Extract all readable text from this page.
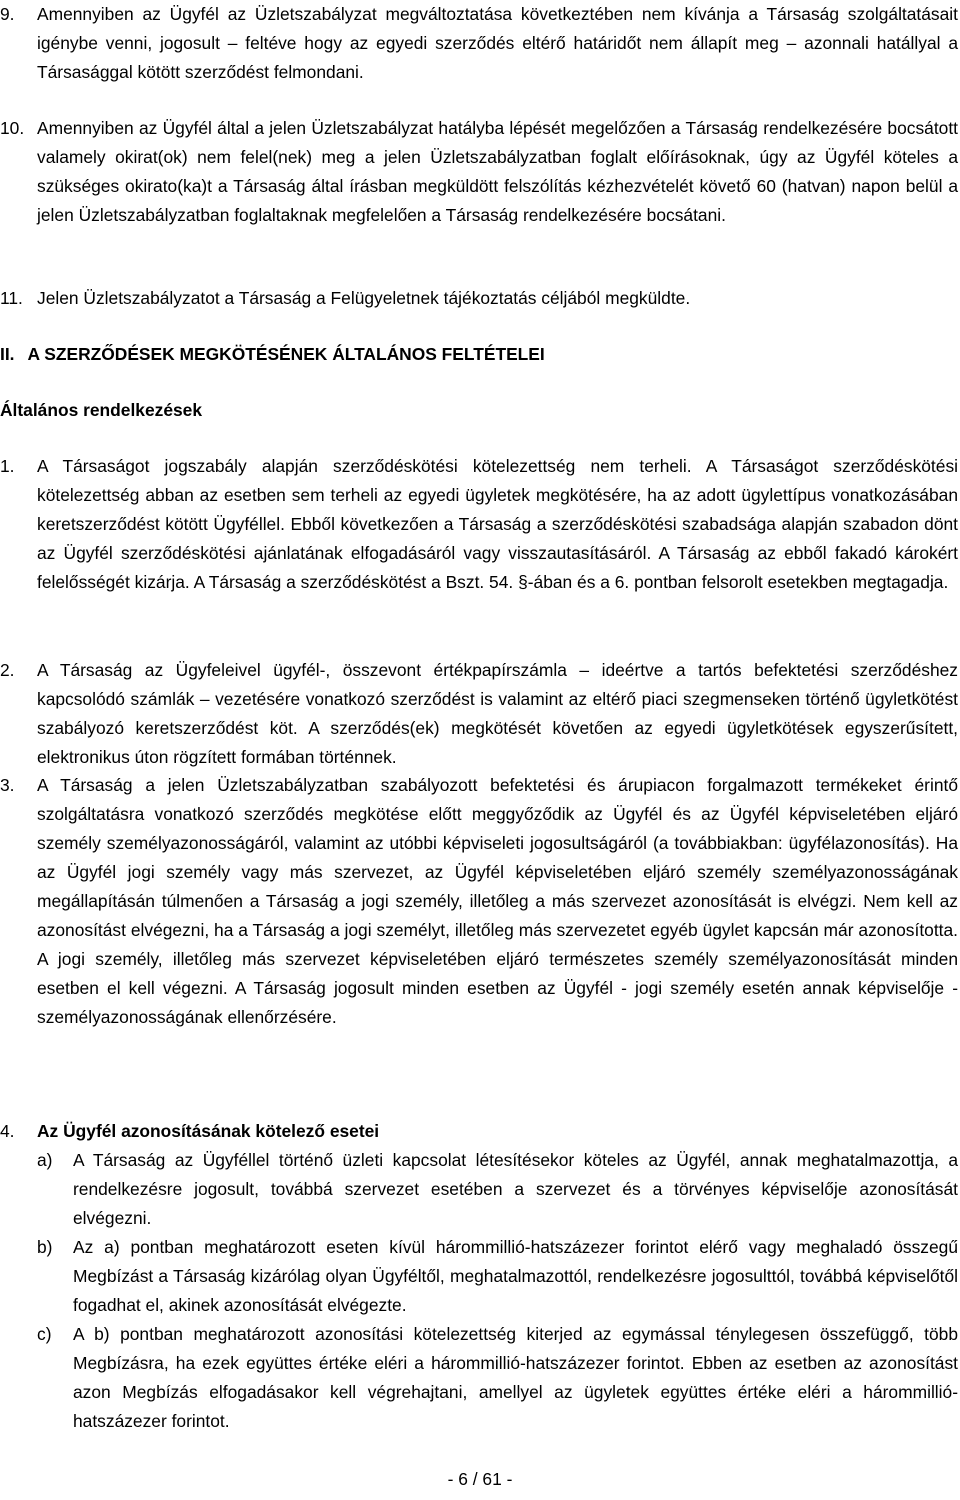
9. Amennyiben az Ügyfél az Üzletszabályzat megváltoztatása következtében nem kívánja a Társaság szolgáltatásait igénybe venni, jogosult – feltéve hogy az egyedi szerződés eltérő határidőt nem állapít meg – azonnali hatállyal a Társasággal kötött szerződést felmondani.

10. Amennyiben az Ügyfél által a jelen Üzletszabályzat hatályba lépését megelőzően a Társaság rendelkezésére bocsátott valamely okirat(ok) nem felel(nek) meg a jelen Üzletszabályzatban foglalt előírásoknak, úgy az Ügyfél köteles a szükséges okirato(ka)t a Társaság által írásban megküldött felszólítás kézhezvételét követő 60 (hatvan) napon belül a jelen Üzletszabályzatban foglaltaknak megfelelően a Társaság rendelkezésére bocsátani.

11. Jelen Üzletszabályzatot a Társaság a Felügyeletnek tájékoztatás céljából megküldte.

II. A SZERZŐDÉSEK MEGKÖTÉSÉNEK ÁLTALÁNOS FELTÉTELEI
Általános rendelkezések
1. A Társaságot jogszabály alapján szerződéskötési kötelezettség nem terheli. A Társaságot szerződéskötési kötelezettség abban az esetben sem terheli az egyedi ügyletek megkötésére, ha az adott ügylettípus vonatkozásában keretszerződést kötött Ügyféllel. Ebből következően a Társaság a szerződéskötési szabadsága alapján szabadon dönt az Ügyfél szerződéskötési ajánlatának elfogadásáról vagy visszautasításáról. A Társaság az ebből fakadó károkért felelősségét kizárja. A Társaság a szerződéskötést a Bszt. 54. §-ában és a 6. pontban felsorolt esetekben megtagadja.

2. A Társaság az Ügyfeleivel ügyfél-, összevont értékpapírszámla – ideértve a tartós befektetési szerződéshez kapcsolódó számlák – vezetésére vonatkozó szerződést is valamint az eltérő piaci szegmenseken történő ügyletkötést szabályozó keretszerződést köt. A szerződés(ek) megkötését követően az egyedi ügyletkötések egyszerűsített, elektronikus úton rögzített formában történnek.

3. A Társaság a jelen Üzletszabályzatban szabályozott befektetési és árupiacon forgalmazott termékeket érintő szolgáltatásra vonatkozó szerződés megkötése előtt meggyőződik az Ügyfél és az Ügyfél képviseletében eljáró személy személyazonosságáról, valamint az utóbbi képviseleti jogosultságáról (a továbbiakban: ügyfélazonosítás). Ha az Ügyfél jogi személy vagy más szervezet, az Ügyfél képviseletében eljáró személy személyazonosságának megállapításán túlmenően a Társaság a jogi személy, illetőleg a más szervezet azonosítását is elvégzi. Nem kell az azonosítást elvégezni, ha a Társaság a jogi személyt, illetőleg más szervezetet egyéb ügylet kapcsán már azonosította. A jogi személy, illetőleg más szervezet képviseletében eljáró természetes személy személyazonosítását minden esetben el kell végezni. A Társaság jogosult minden esetben az Ügyfél - jogi személy esetén annak képviselője - személyazonosságának ellenőrzésére.

4. Az Ügyfél azonosításának kötelező esetei
a) A Társaság az Ügyféllel történő üzleti kapcsolat létesítésekor köteles az Ügyfél, annak meghatalmazottja, a rendelkezésre jogosult, továbbá szervezet esetében a szervezet és a törvényes képviselője azonosítását elvégezni.

b) Az a) pontban meghatározott eseten kívül hárommillió-hatszázezer forintot elérő vagy meghaladó összegű Megbízást a Társaság kizárólag olyan Ügyféltől, meghatalmazottól, rendelkezésre jogosulttól, továbbá képviselőtől fogadhat el, akinek azonosítását elvégezte.

c) A b) pontban meghatározott azonosítási kötelezettség kiterjed az egymással ténylegesen összefüggő, több Megbízásra, ha ezek együttes értéke eléri a hárommillió-hatszázezer forintot. Ebben az esetben az azonosítást azon Megbízás elfogadásakor kell végrehajtani, amellyel az ügyletek együttes értéke eléri a hárommillió-hatszázezer forintot.

- 6 / 61 -
